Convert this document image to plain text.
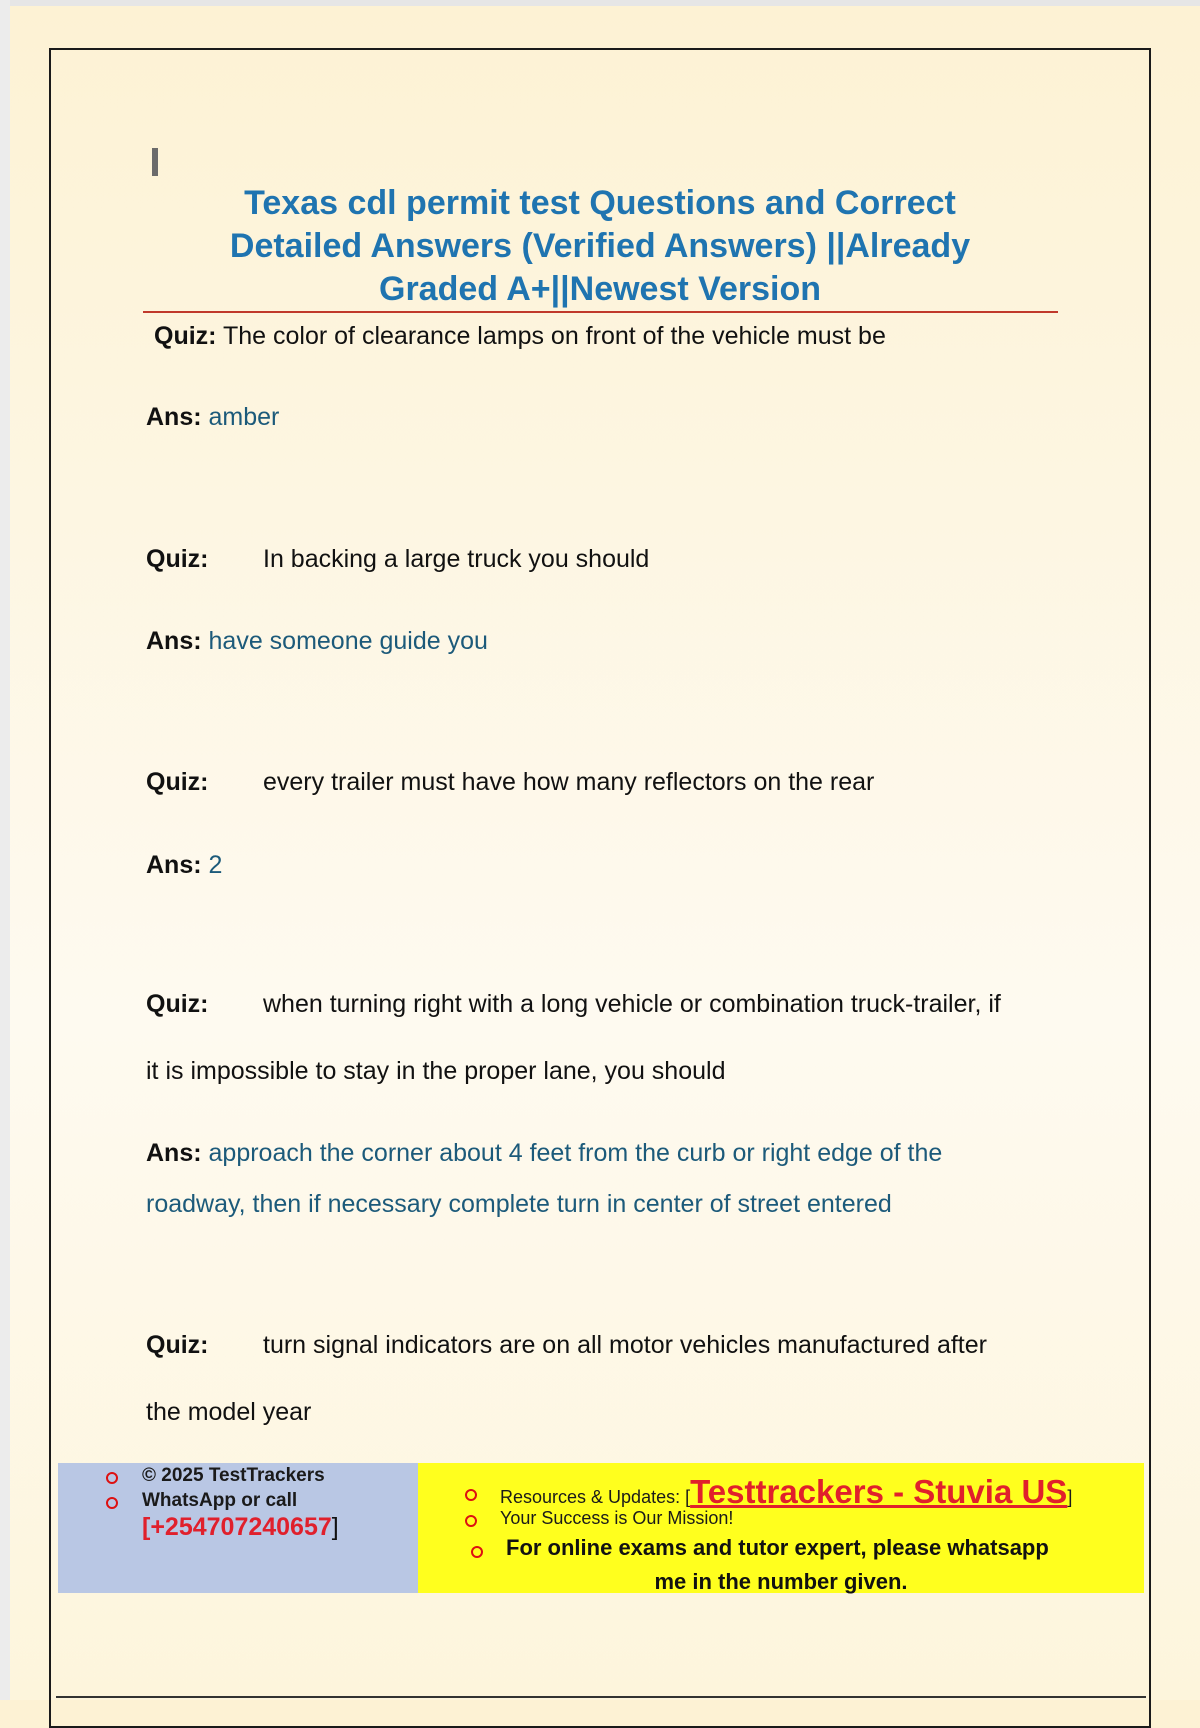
Texas cdl permit test Questions and Correct
Detailed Answers (Verified Answers) ||Already
Graded A+||Newest Version
Quiz: The color of clearance lamps on front of the vehicle must be
Ans: amber
Quiz: In backing a large truck you should
Ans: have someone guide you
Quiz: every trailer must have how many reflectors on the rear
Ans: 2
Quiz: when turning right with a long vehicle or combination truck-trailer, if
it is impossible to stay in the proper lane, you should
Ans: approach the corner about 4 feet from the curb or right edge of the
roadway, then if necessary complete turn in center of street entered
Quiz: turn signal indicators are on all motor vehicles manufactured after
the model year
© 2025 TestTrackers
WhatsApp or call
[+254707240657]
Resources & Updates: [Testtrackers - Stuvia US]
Your Success is Our Mission!
For online exams and tutor expert, please whatsapp
me in the number given.
